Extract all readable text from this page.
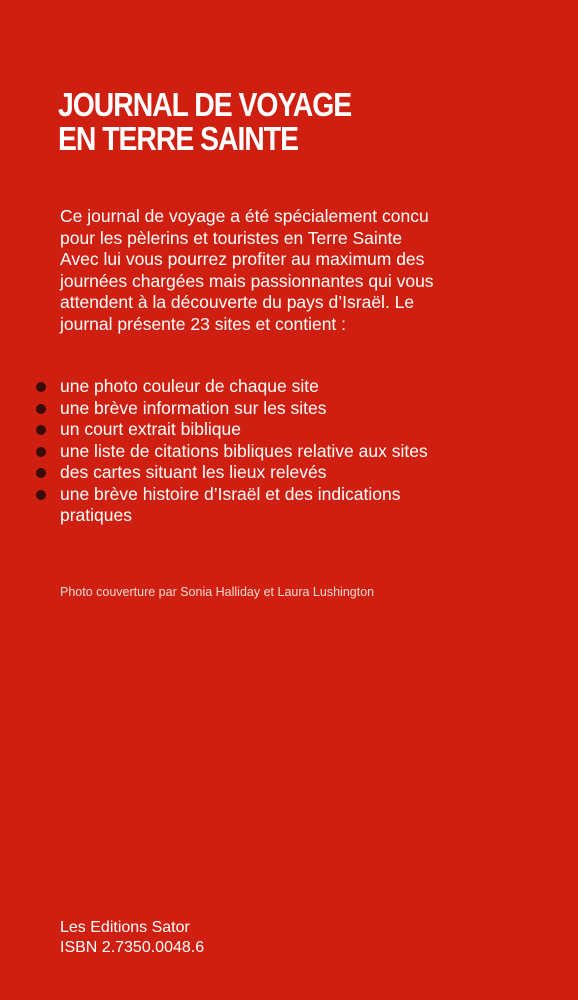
JOURNAL DE VOYAGE
EN TERRE SAINTE

Ce journal de voyage a été spécialement concu pour les pèlerins et touristes en Terre Sainte

Avec lui vous pourrez profiter au maximum des journées chargées mais passionnantes qui vous attendent à la découverte du pays d’Israël. Le journal présente 23 sites et contient :

une photo couleur de chaque site
une brève information sur les sites
un court extrait biblique
une liste de citations bibliques relative aux sites
des cartes situant les lieux relevés
une brève histoire d’Israël et des indications pratiques

Photo couverture par Sonia Halliday et Laura Lushington

Les Editions Sator
ISBN 2.7350.0048.6
